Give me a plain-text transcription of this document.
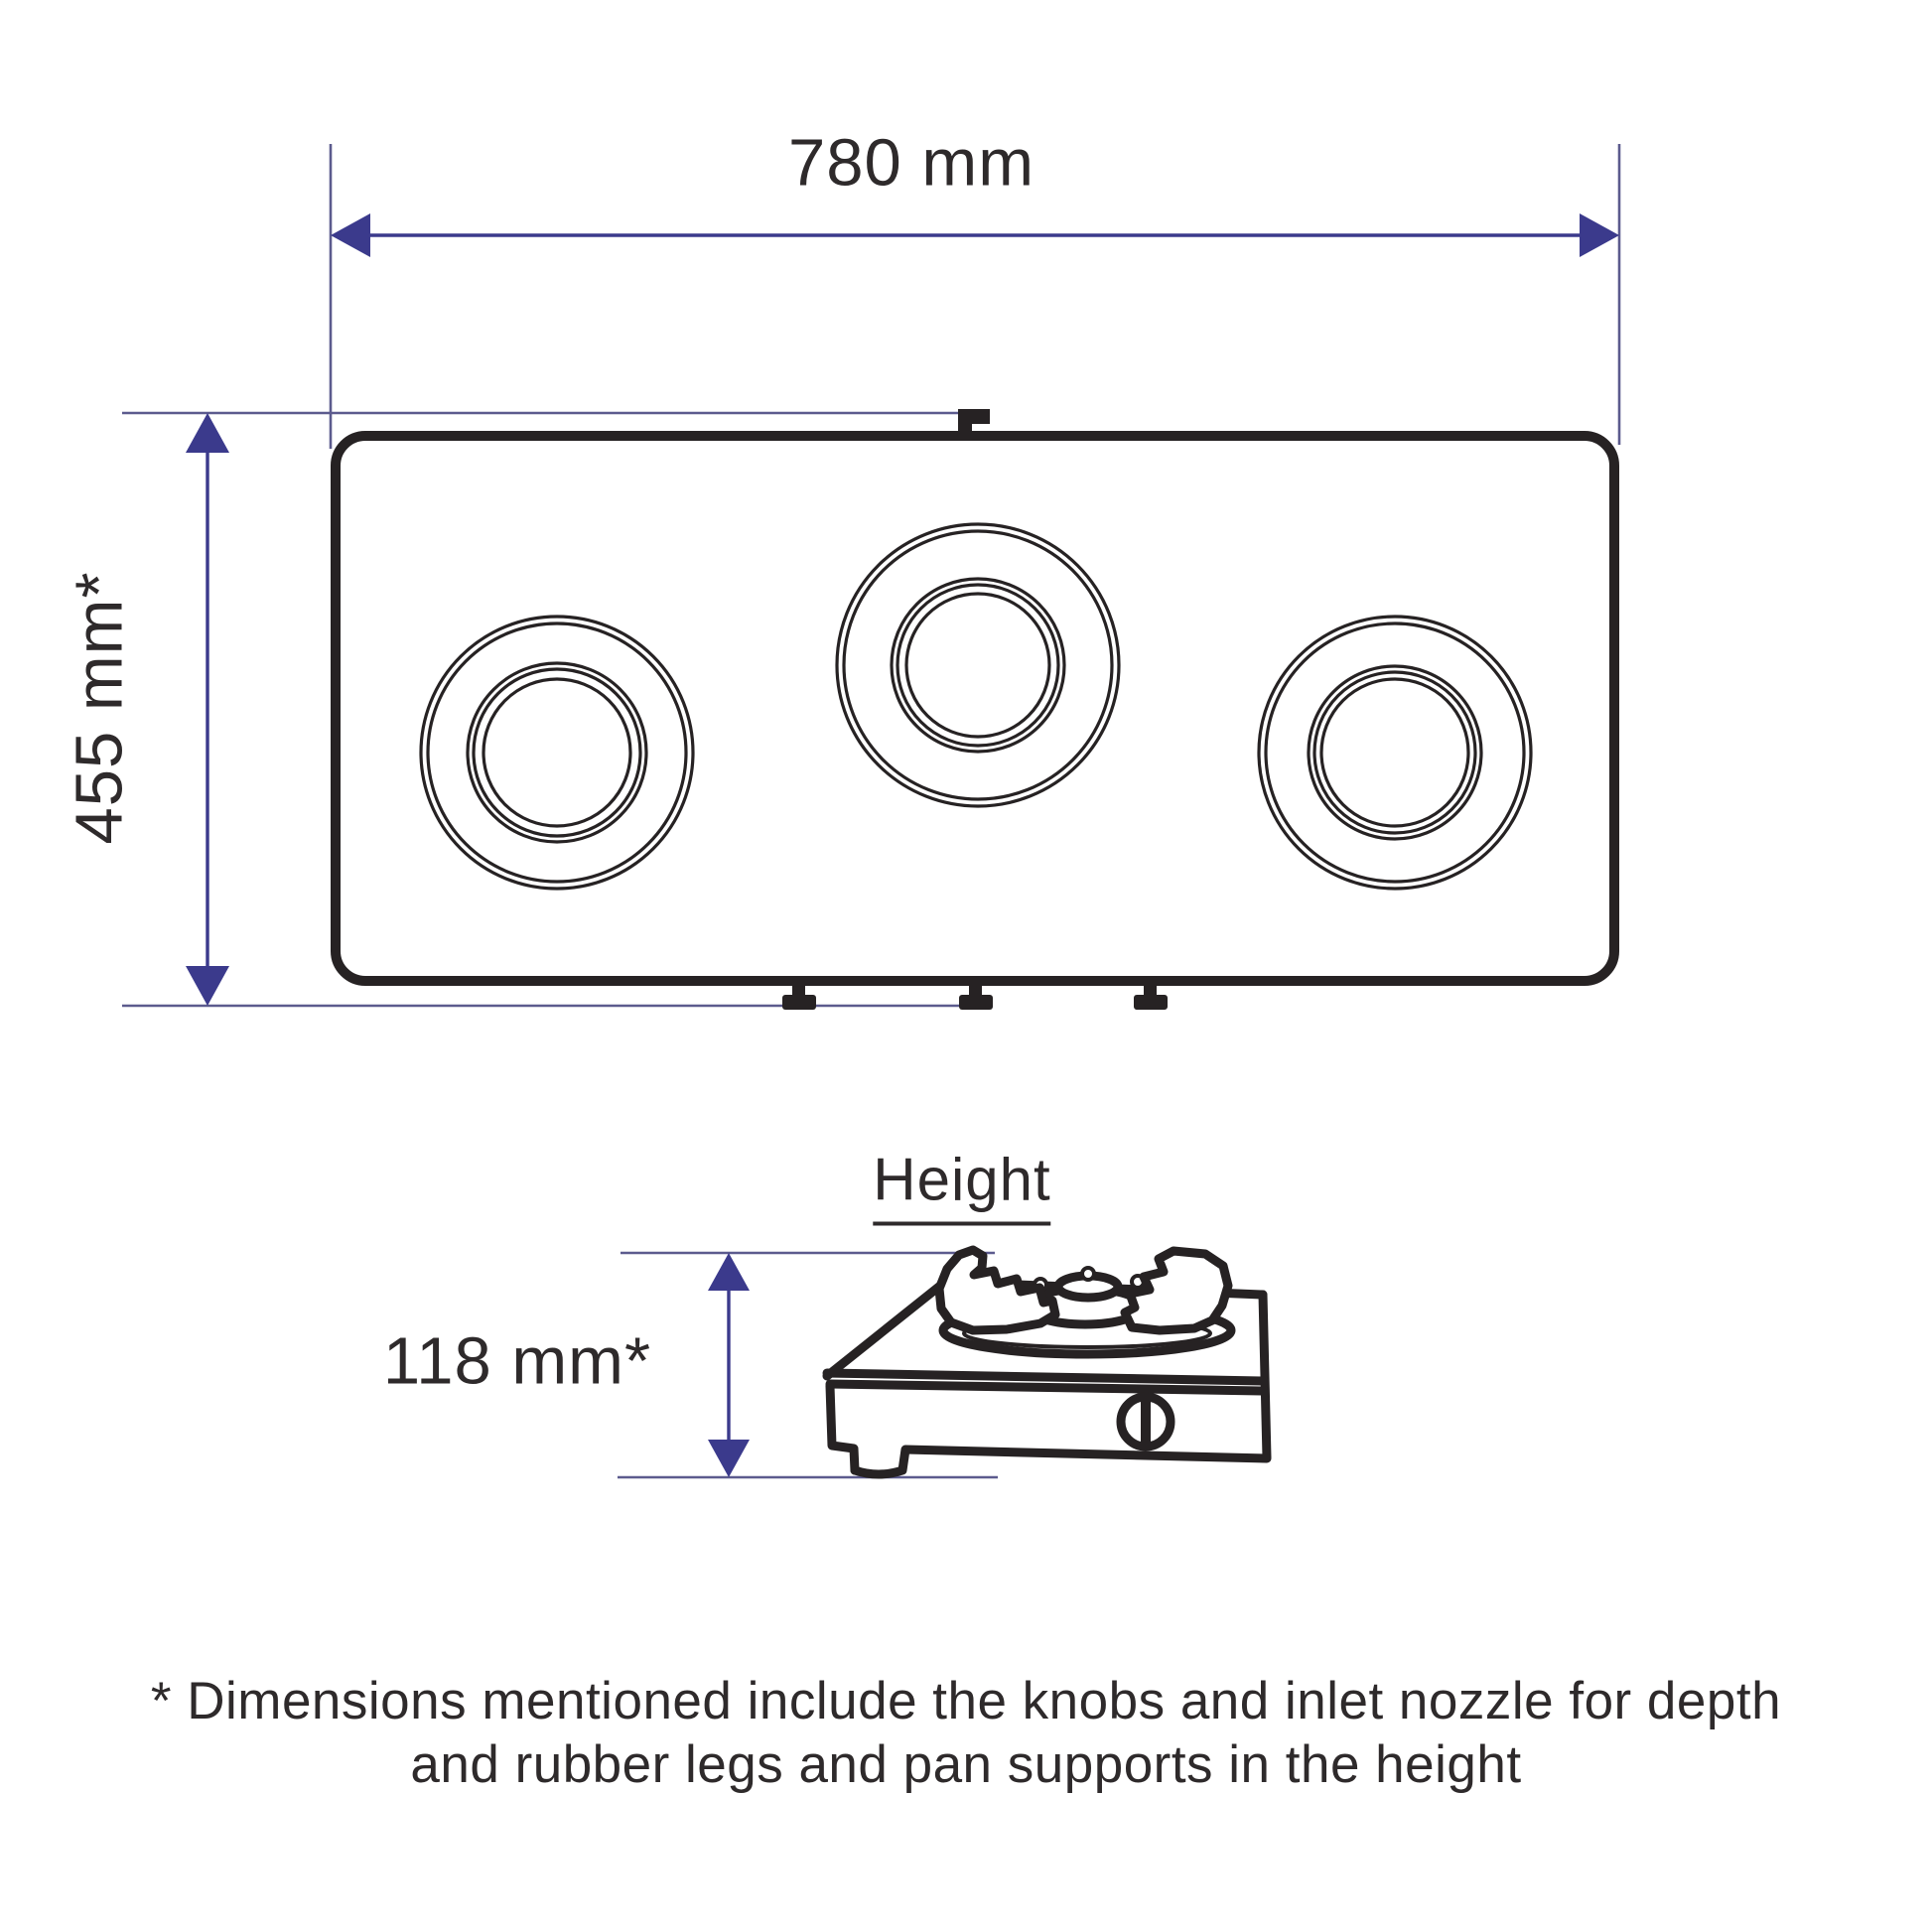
780 mm
455 mm*
Height
118 mm*
* Dimensions mentioned include the knobs and inlet nozzle for depth
and rubber legs and pan supports in the height
